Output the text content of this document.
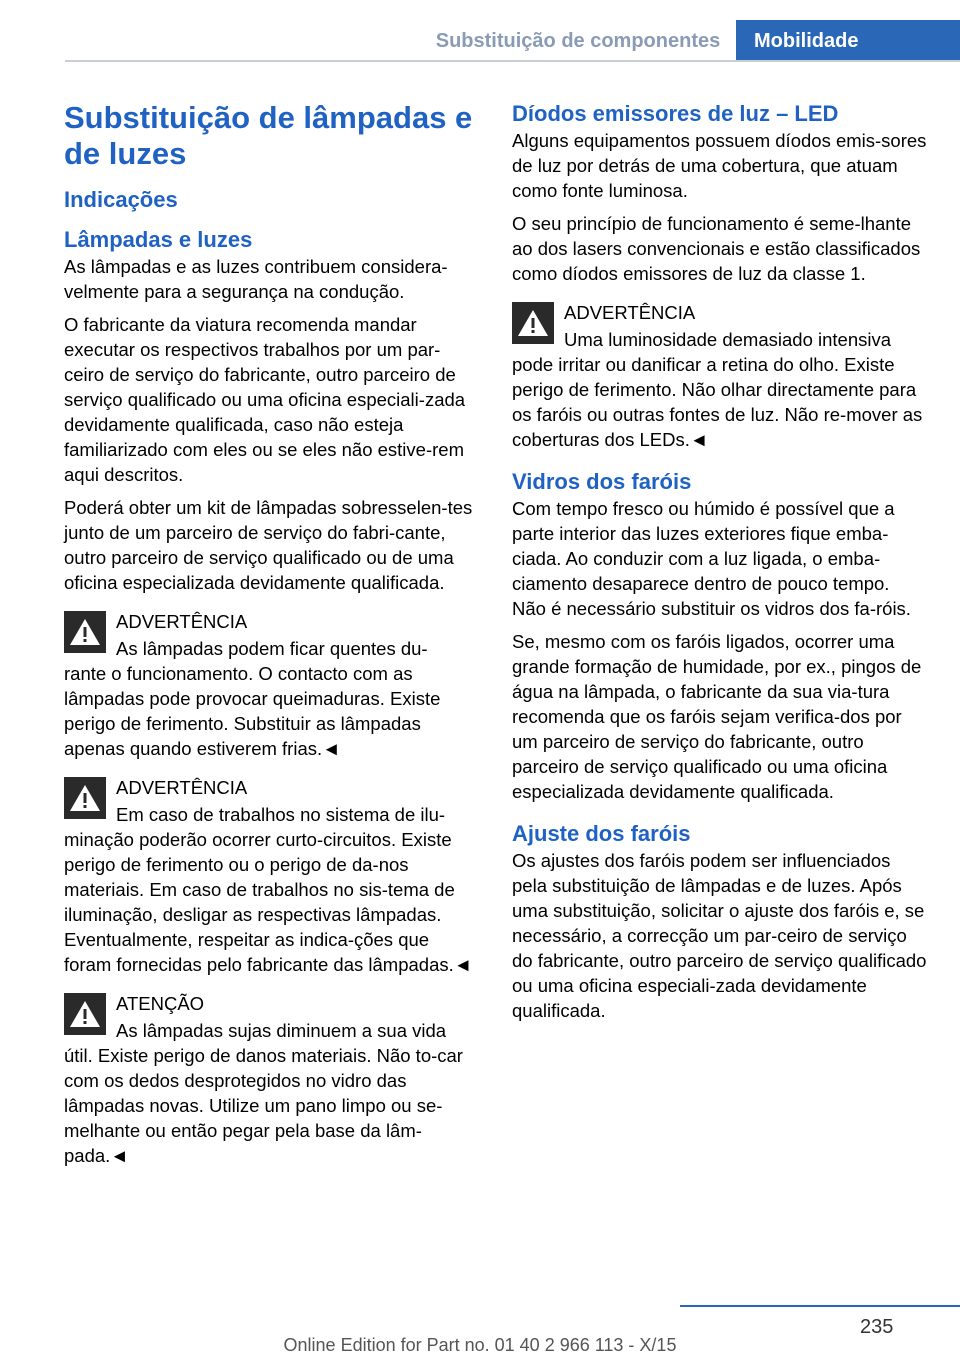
Substituição de componentes	Mobilidade
Substituição de lâmpadas e de luzes
Indicações
Lâmpadas e luzes

As lâmpadas e as luzes contribuem considera-velmente para a segurança na condução.

O fabricante da viatura recomenda mandar executar os respectivos trabalhos por um par-ceiro de serviço do fabricante, outro parceiro de serviço qualificado ou uma oficina especiali-zada devidamente qualificada, caso não esteja familiarizado com eles ou se eles não estive-rem aqui descritos.

Poderá obter um kit de lâmpadas sobresselen-tes junto de um parceiro de serviço do fabri-cante, outro parceiro de serviço qualificado ou de uma oficina especializada devidamente qualificada.

ADVERTÊNCIA
As lâmpadas podem ficar quentes du-
rante o funcionamento. O contacto com as lâmpadas pode provocar queimaduras. Existe perigo de ferimento. Substituir as lâmpadas apenas quando estiverem frias.◄
ADVERTÊNCIA
Em caso de trabalhos no sistema de ilu-
minação poderão ocorrer curto-circuitos. Existe perigo de ferimento ou o perigo de da-nos materiais. Em caso de trabalhos no sis-tema de iluminação, desligar as respectivas lâmpadas. Eventualmente, respeitar as indica-ções que foram fornecidas pelo fabricante das lâmpadas.◄
ATENÇÃO
As lâmpadas sujas diminuem a sua vida
útil. Existe perigo de danos materiais. Não to-car com os dedos desprotegidos no vidro das lâmpadas novas. Utilize um pano limpo ou se-melhante ou então pegar pela base da lâm-pada.◄
Díodos emissores de luz – LED

Alguns equipamentos possuem díodos emis-sores de luz por detrás de uma cobertura, que atuam como fonte luminosa.

O seu princípio de funcionamento é seme-lhante ao dos lasers convencionais e estão classificados como díodos emissores de luz da classe 1.

ADVERTÊNCIA
Uma luminosidade demasiado intensiva
pode irritar ou danificar a retina do olho. Existe perigo de ferimento. Não olhar directamente para os faróis ou outras fontes de luz. Não re-mover as coberturas dos LEDs.◄
Vidros dos faróis

Com tempo fresco ou húmido é possível que a parte interior das luzes exteriores fique emba-ciada. Ao conduzir com a luz ligada, o emba-ciamento desaparece dentro de pouco tempo. Não é necessário substituir os vidros dos fa-róis.

Se, mesmo com os faróis ligados, ocorrer uma grande formação de humidade, por ex., pingos de água na lâmpada, o fabricante da sua via-tura recomenda que os faróis sejam verifica-dos por um parceiro de serviço do fabricante, outro parceiro de serviço qualificado ou uma oficina especializada devidamente qualificada.

Ajuste dos faróis

Os ajustes dos faróis podem ser influenciados pela substituição de lâmpadas e de luzes. Após uma substituição, solicitar o ajuste dos faróis e, se necessário, a correcção um par-ceiro de serviço do fabricante, outro parceiro de serviço qualificado ou uma oficina especiali-zada devidamente qualificada.

235
Online Edition for Part no. 01 40 2 966 113 - X/15
